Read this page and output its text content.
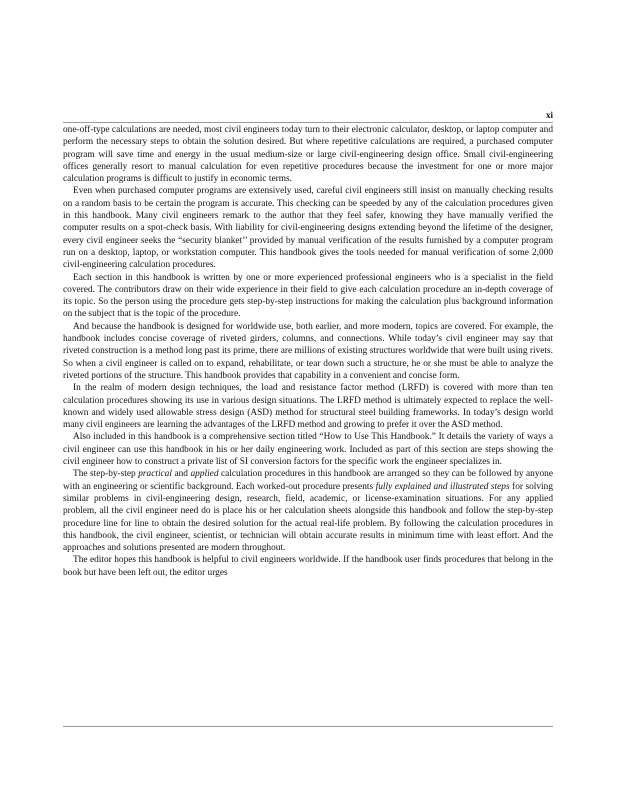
xi

one-off-type calculations are needed, most civil engineers today turn to their electronic calculator, desktop, or laptop computer and perform the necessary steps to obtain the solution desired. But where repetitive calculations are required, a purchased computer program will save time and energy in the usual medium-size or large civil-engineering design office. Small civil-engineering offices generally resort to manual calculation for even repetitive procedures because the investment for one or more major calculation programs is difficult to justify in economic terms.

Even when purchased computer programs are extensively used, careful civil engineers still insist on manually checking results on a random basis to be certain the program is accurate. This checking can be speeded by any of the calculation procedures given in this handbook. Many civil engineers remark to the author that they feel safer, knowing they have manually verified the computer results on a spot-check basis. With liability for civil-engineering designs extending beyond the lifetime of the designer, every civil engineer seeks the “security blanket’’ provided by manual verification of the results furnished by a computer program run on a desktop, laptop, or workstation computer. This handbook gives the tools needed for manual verification of some 2,000 civil-engineering calculation procedures.

Each section in this handbook is written by one or more experienced professional engineers who is a specialist in the field covered. The contributors draw on their wide experience in their field to give each calculation procedure an in-depth coverage of its topic. So the person using the procedure gets step-by-step instructions for making the calculation plus background information on the subject that is the topic of the procedure.

And because the handbook is designed for worldwide use, both earlier, and more modern, topics are covered. For example, the handbook includes concise coverage of riveted girders, columns, and connections. While today’s civil engineer may say that riveted construction is a method long past its prime, there are millions of existing structures worldwide that were built using rivets. So when a civil engineer is called on to expand, rehabilitate, or tear down such a structure, he or she must be able to analyze the riveted portions of the structure. This handbook provides that capability in a convenient and concise form.

In the realm of modern design techniques, the load and resistance factor method (LRFD) is covered with more than ten calculation procedures showing its use in various design situations. The LRFD method is ultimately expected to replace the well-known and widely used allowable stress design (ASD) method for structural steel building frameworks. In today’s design world many civil engineers are learning the advantages of the LRFD method and growing to prefer it over the ASD method.

Also included in this handbook is a comprehensive section titled “How to Use This Handbook.” It details the variety of ways a civil engineer can use this handbook in his or her daily engineering work. Included as part of this section are steps showing the civil engineer how to construct a private list of SI conversion factors for the specific work the engineer specializes in.

The step-by-step practical and applied calculation procedures in this handbook are arranged so they can be followed by anyone with an engineering or scientific background. Each worked-out procedure presents fully explained and illustrated steps for solving similar problems in civil-engineering design, research, field, academic, or license-examination situations. For any applied problem, all the civil engineer need do is place his or her calculation sheets alongside this handbook and follow the step-by-step procedure line for line to obtain the desired solution for the actual real-life problem. By following the calculation procedures in this handbook, the civil engineer, scientist, or technician will obtain accurate results in minimum time with least effort. And the approaches and solutions presented are modern throughout.

The editor hopes this handbook is helpful to civil engineers worldwide. If the handbook user finds procedures that belong in the book but have been left out, the editor urges
